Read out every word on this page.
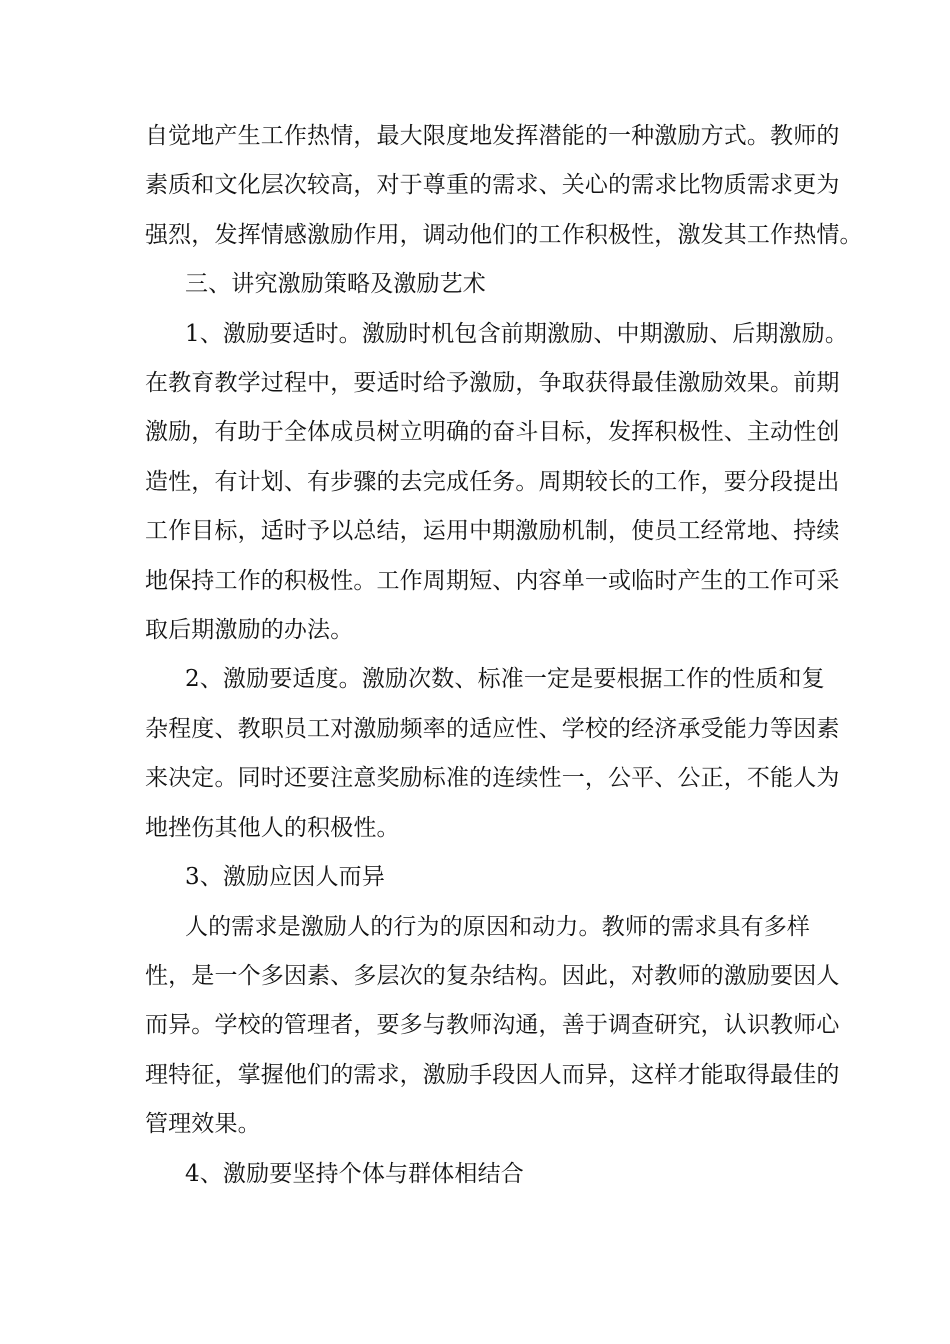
自觉地产生工作热情，最大限度地发挥潜能的一种激励方式。教师的
素质和文化层次较高，对于尊重的需求、关心的需求比物质需求更为
强烈，发挥情感激励作用，调动他们的工作积极性，激发其工作热情。

三、讲究激励策略及激励艺术

1、激励要适时。激励时机包含前期激励、中期激励、后期激励。
在教育教学过程中，要适时给予激励，争取获得最佳激励效果。前期
激励，有助于全体成员树立明确的奋斗目标，发挥积极性、主动性创
造性，有计划、有步骤的去完成任务。周期较长的工作，要分段提出
工作目标，适时予以总结，运用中期激励机制，使员工经常地、持续
地保持工作的积极性。工作周期短、内容单一或临时产生的工作可采
取后期激励的办法。

2、激励要适度。激励次数、标准一定是要根据工作的性质和复
杂程度、教职员工对激励频率的适应性、学校的经济承受能力等因素
来决定。同时还要注意奖励标准的连续性一，公平、公正，不能人为
地挫伤其他人的积极性。

3、激励应因人而异

人的需求是激励人的行为的原因和动力。教师的需求具有多样
性，是一个多因素、多层次的复杂结构。因此，对教师的激励要因人
而异。学校的管理者，要多与教师沟通，善于调查研究，认识教师心
理特征，掌握他们的需求，激励手段因人而异，这样才能取得最佳的
管理效果。

4、激励要坚持个体与群体相结合
